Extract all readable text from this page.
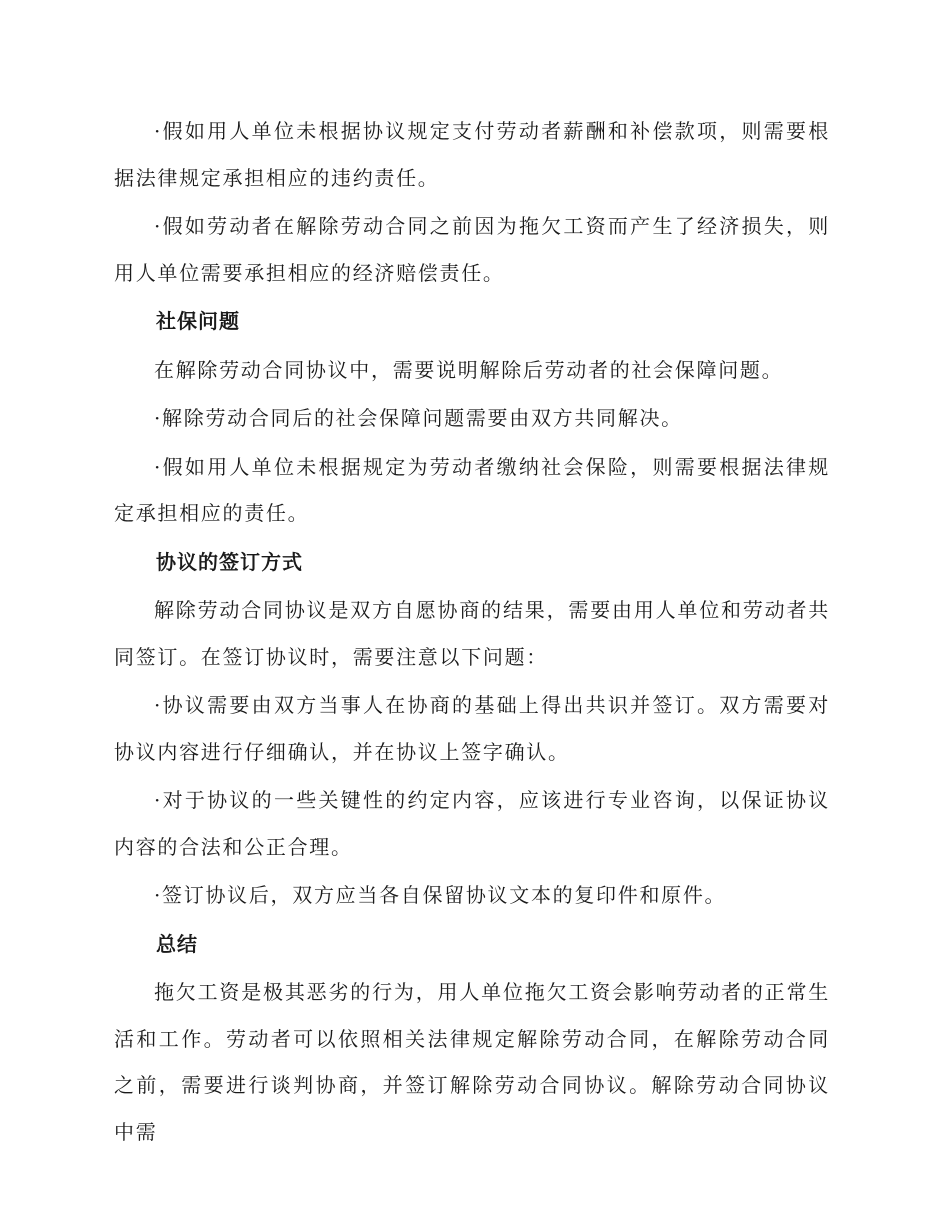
·假如用人单位未根据协议规定支付劳动者薪酬和补偿款项，则需要根据法律规定承担相应的违约责任。

·假如劳动者在解除劳动合同之前因为拖欠工资而产生了经济损失，则用人单位需要承担相应的经济赔偿责任。

社保问题

在解除劳动合同协议中，需要说明解除后劳动者的社会保障问题。

·解除劳动合同后的社会保障问题需要由双方共同解决。

·假如用人单位未根据规定为劳动者缴纳社会保险，则需要根据法律规定承担相应的责任。

协议的签订方式

解除劳动合同协议是双方自愿协商的结果，需要由用人单位和劳动者共同签订。在签订协议时，需要注意以下问题：

·协议需要由双方当事人在协商的基础上得出共识并签订。双方需要对协议内容进行仔细确认，并在协议上签字确认。

·对于协议的一些关键性的约定内容，应该进行专业咨询，以保证协议内容的合法和公正合理。

·签订协议后，双方应当各自保留协议文本的复印件和原件。

总结

拖欠工资是极其恶劣的行为，用人单位拖欠工资会影响劳动者的正常生活和工作。劳动者可以依照相关法律规定解除劳动合同，在解除劳动合同之前，需要进行谈判协商，并签订解除劳动合同协议。解除劳动合同协议中需
